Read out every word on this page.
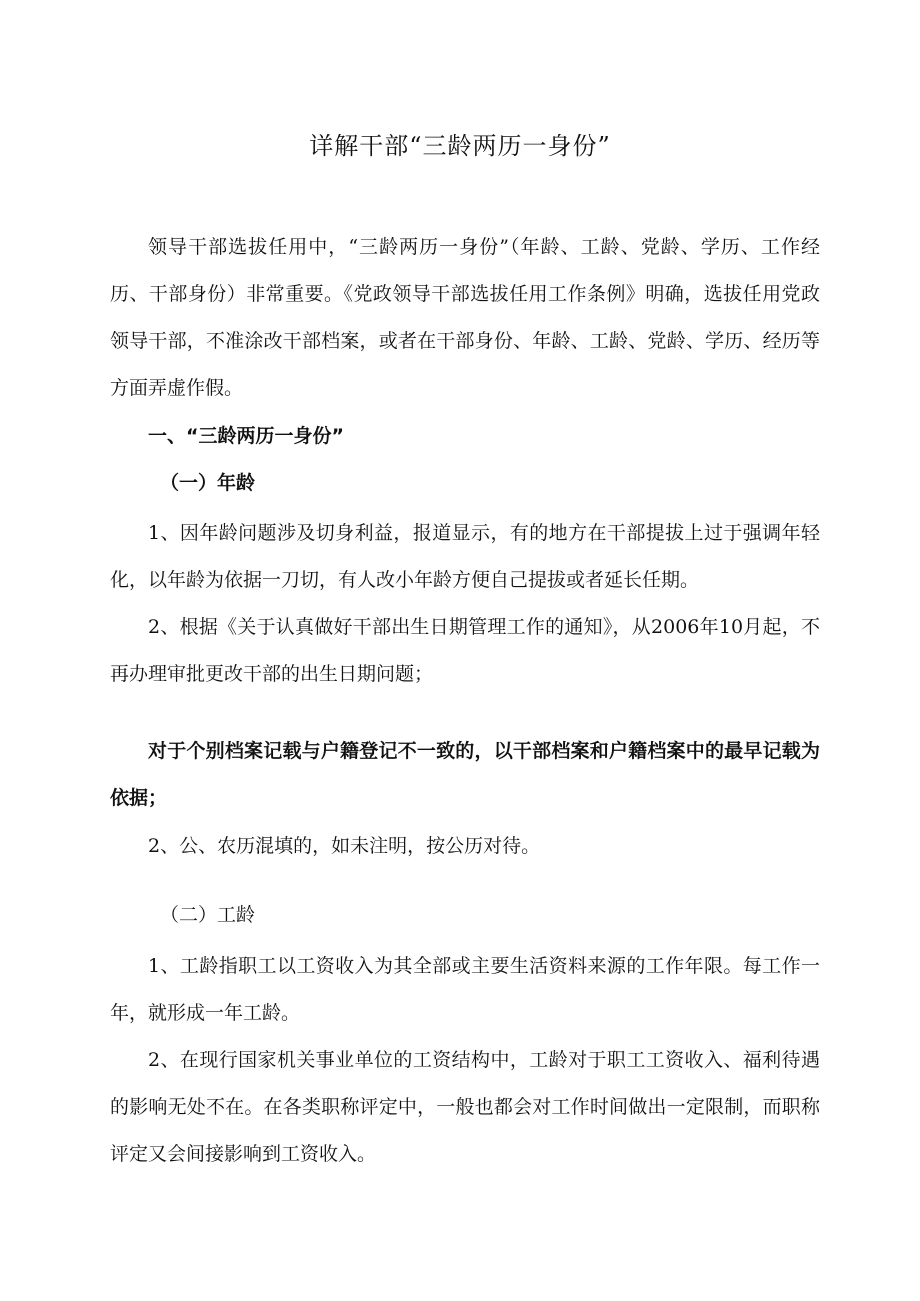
详解干部“三龄两历一身份”
领导干部选拔任用中，“三龄两历一身份”（年龄、工龄、党龄、学历、工作经历、干部身份）非常重要。《党政领导干部选拔任用工作条例》明确，选拔任用党政领导干部，不准涂改干部档案，或者在干部身份、年龄、工龄、党龄、学历、经历等方面弄虚作假。
一、“三龄两历一身份”
（一）年龄
1、因年龄问题涉及切身利益，报道显示，有的地方在干部提拔上过于强调年轻化，以年龄为依据一刀切，有人改小年龄方便自己提拔或者延长任期。
2、根据《关于认真做好干部出生日期管理工作的通知》，从2006年10月起，不再办理审批更改干部的出生日期问题；
对于个别档案记载与户籍登记不一致的，以干部档案和户籍档案中的最早记载为依据；
2、公、农历混填的，如未注明，按公历对待。
（二）工龄
1、工龄指职工以工资收入为其全部或主要生活资料来源的工作年限。每工作一年，就形成一年工龄。
2、在现行国家机关事业单位的工资结构中，工龄对于职工工资收入、福利待遇的影响无处不在。在各类职称评定中，一般也都会对工作时间做出一定限制，而职称评定又会间接影响到工资收入。
